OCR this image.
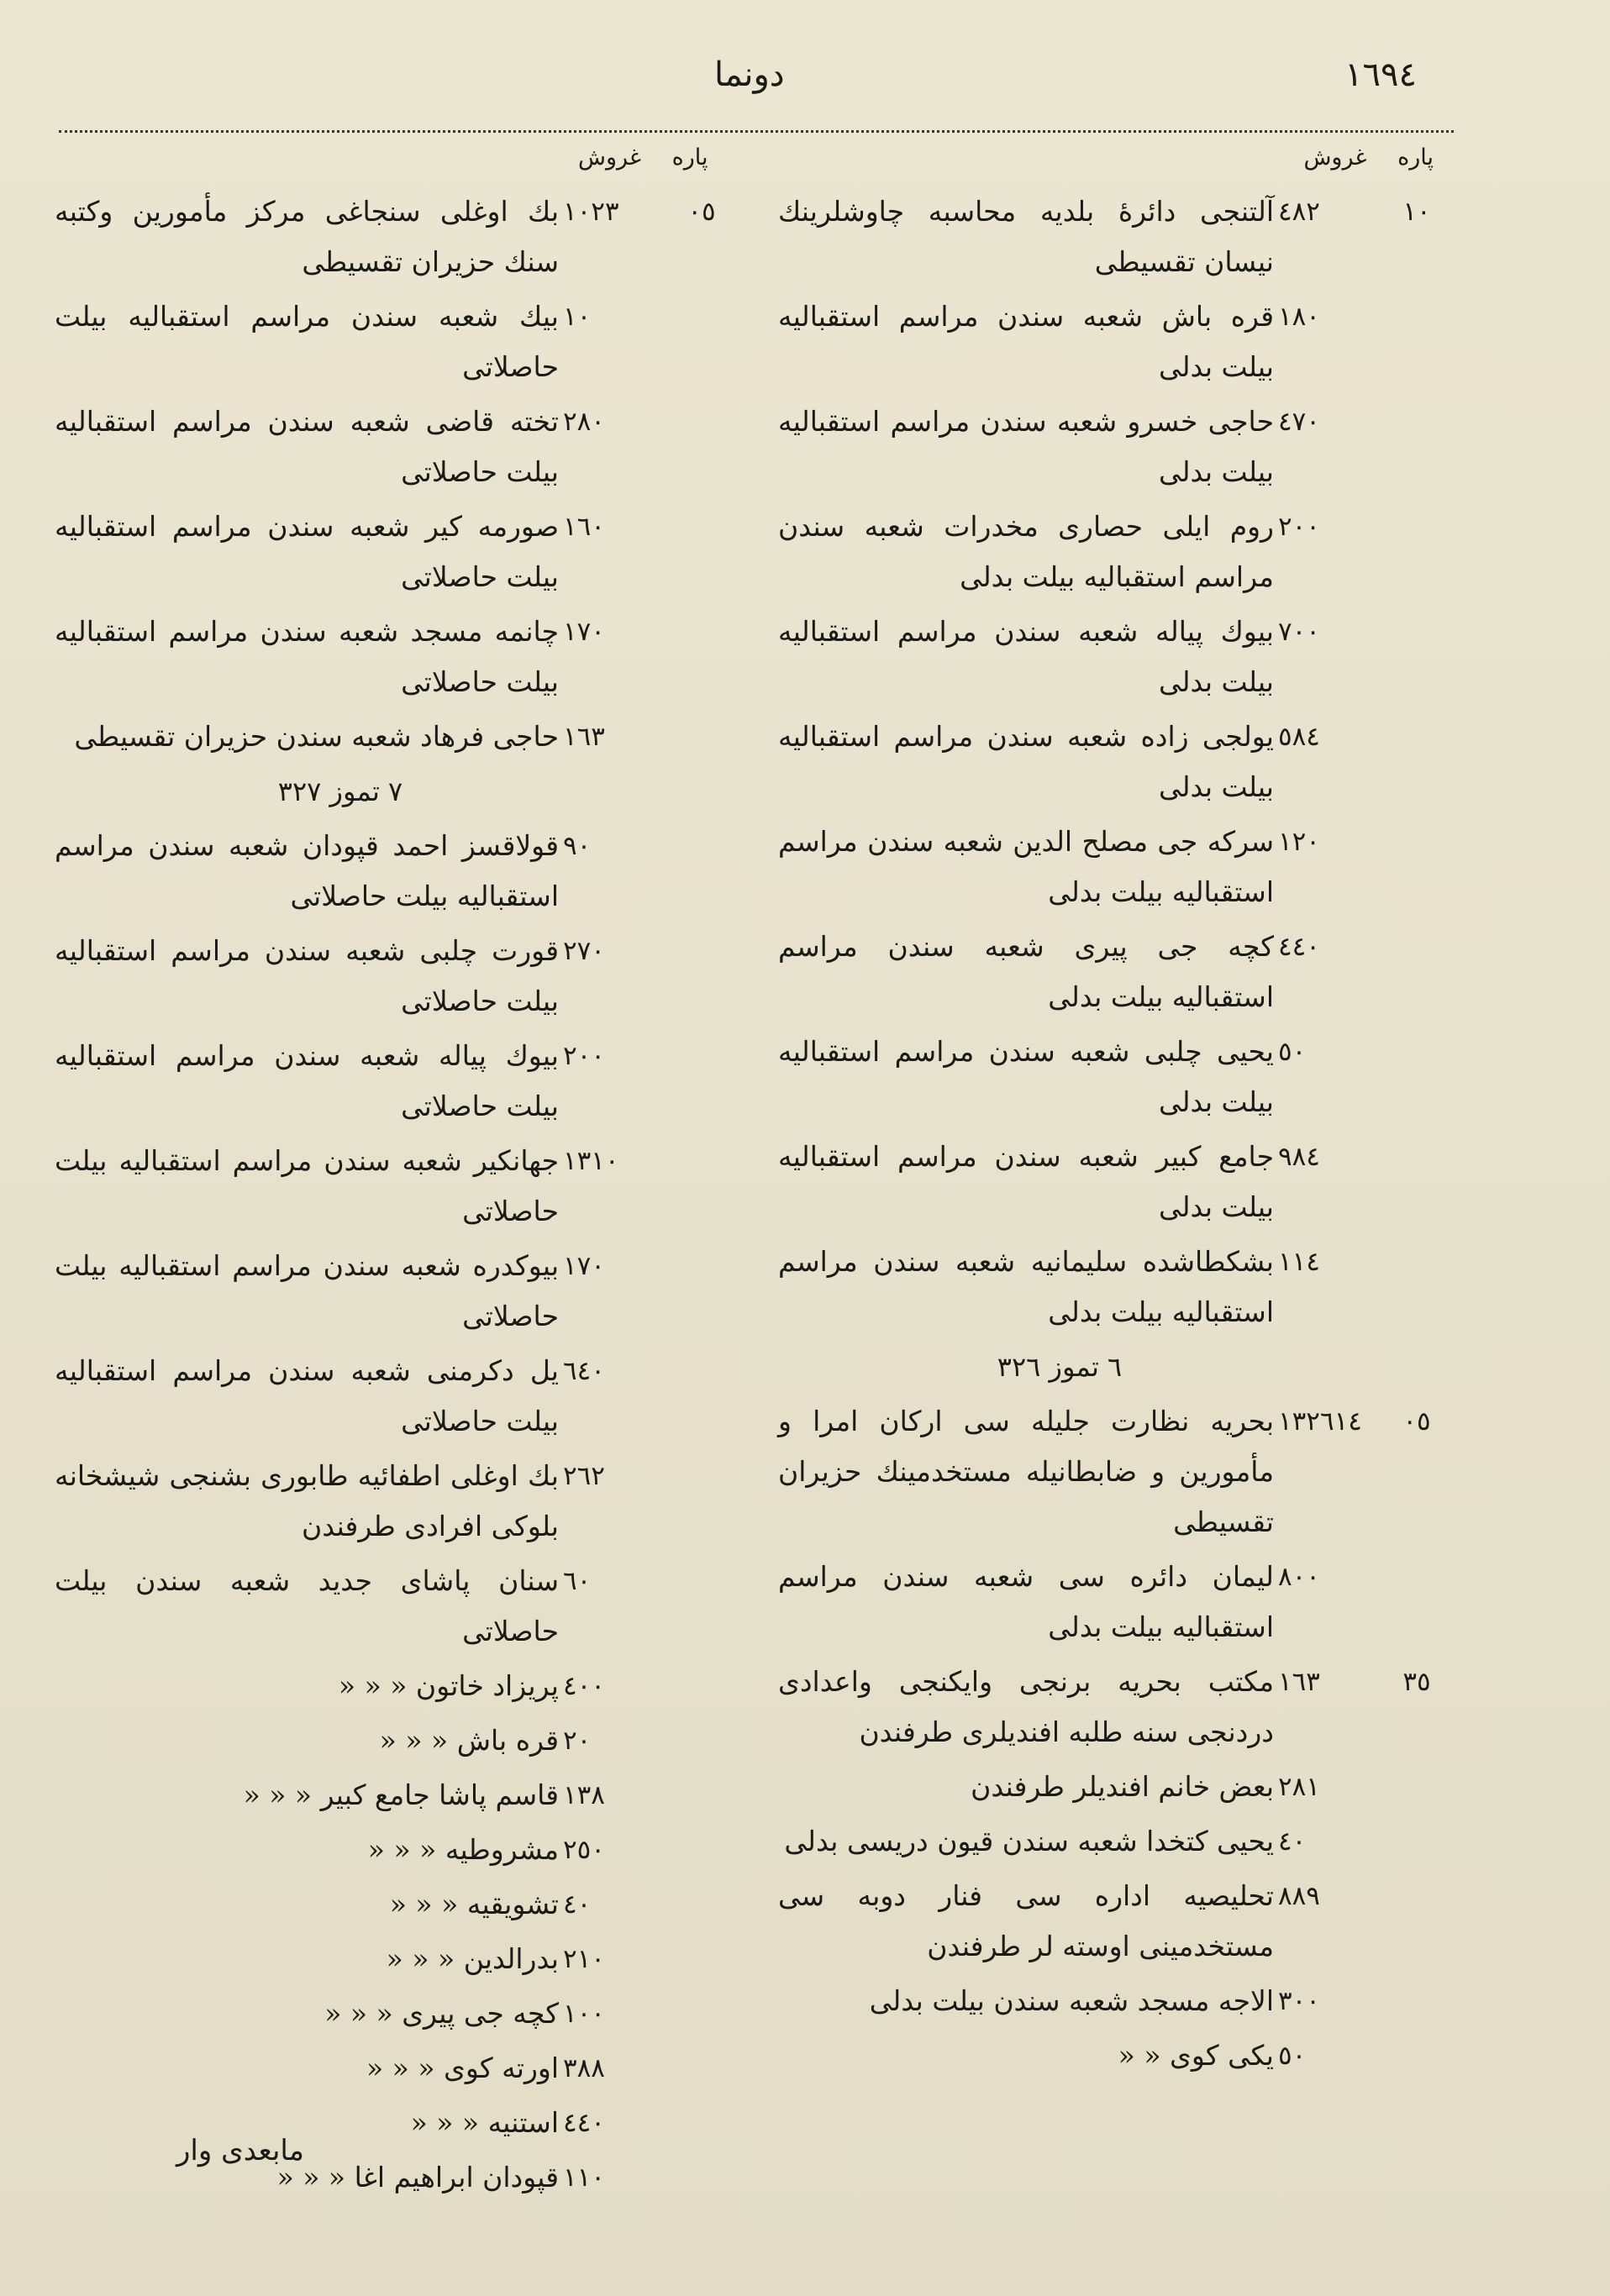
١٦٩٤
دونما
پاره غروش
پاره غروش
١٠
٤٨٢
آلتنجی دائرۀ بلدیه محاسبه چاوشلرینك نیسان تقسیطی
١٨٠
قره باش شعبه سندن مراسم استقبالیه بیلت بدلی
٤٧٠
حاجی خسرو شعبه سندن مراسم استقبالیه بیلت بدلی
٢٠٠
روم ایلی حصاری مخدرات شعبه سندن مراسم استقبالیه بیلت بدلی
٧٠٠
بیوك پیاله شعبه سندن مراسم استقبالیه بیلت بدلی
٥٨٤
یولجی زاده شعبه سندن مراسم استقبالیه بیلت بدلی
١٢٠
سرکه جی مصلح الدین شعبه سندن مراسم استقبالیه بیلت بدلی
٤٤٠
کچه جی پیری شعبه سندن مراسم استقبالیه بیلت بدلی
٥٠
یحیی چلبی شعبه سندن مراسم استقبالیه بیلت بدلی
٩٨٤
جامع کبیر شعبه سندن مراسم استقبالیه بیلت بدلی
١١٤
بشکطاشده سلیمانیه شعبه سندن مراسم استقبالیه بیلت بدلی
٦ تموز ٣٢٦
٠٥
١٣٢٦١٤
بحریه نظارت جلیله سی ارکان امرا و مأمورین و ضابطانیله مستخدمینك حزیران تقسیطی
٨٠٠
لیمان دائره سی شعبه سندن مراسم استقبالیه بیلت بدلی
٣٥
١٦٣
مکتب بحریه برنجی وایکنجی واعدادی دردنجی سنه طلبه افندیلری طرفندن
٢٨١
بعض خانم افندیلر طرفندن
٤٠
یحیی کتخدا شعبه سندن قیون دریسی بدلی
٨٨٩
تحلیصیه اداره سی فنار دوبه سی مستخدمینی اوسته لر طرفندن
٣٠٠
الاجه مسجد شعبه سندن بیلت بدلی
٥٠
یکی کوی « «
٠٥
١٠٢٣
بك اوغلی سنجاغی مرکز مأمورین وکتبه سنك حزیران تقسیطی
١٠
بیك شعبه سندن مراسم استقبالیه بیلت حاصلاتی
٢٨٠
تخته قاضی شعبه سندن مراسم استقبالیه بیلت حاصلاتی
١٦٠
صورمه کیر شعبه سندن مراسم استقبالیه بیلت حاصلاتی
١٧٠
چانمه مسجد شعبه سندن مراسم استقبالیه بیلت حاصلاتی
١٦٣
حاجی فرهاد شعبه سندن حزیران تقسیطی
٧ تموز ٣٢٧
٩٠
قولاقسز احمد قپودان شعبه سندن مراسم استقبالیه بیلت حاصلاتی
٢٧٠
قورت چلبی شعبه سندن مراسم استقبالیه بیلت حاصلاتی
٢٠٠
بیوك پیاله شعبه سندن مراسم استقبالیه بیلت حاصلاتی
١٣١٠
جهانکیر شعبه سندن مراسم استقبالیه بیلت حاصلاتی
١٧٠
بیوکدره شعبه سندن مراسم استقبالیه بیلت حاصلاتی
٦٤٠
یل دکرمنی شعبه سندن مراسم استقبالیه بیلت حاصلاتی
٢٦٢
بك اوغلی اطفائیه طابوری بشنجی شیشخانه بلوکی افرادی طرفندن
٦٠
سنان پاشای جدید شعبه سندن بیلت حاصلاتی
٤٠٠
پریزاد خاتون « « «
٢٠
قره باش « « «
١٣٨
قاسم پاشا جامع کبیر « « «
٢٥٠
مشروطیه « « «
٤٠
تشویقیه « « «
٢١٠
بدرالدین « « «
١٠٠
کچه جی پیری « « «
٣٨٨
اورته کوی « « «
٤٤٠
استنیه « « «
١١٠
قپودان ابراهیم اغا « « «
مابعدی وار
